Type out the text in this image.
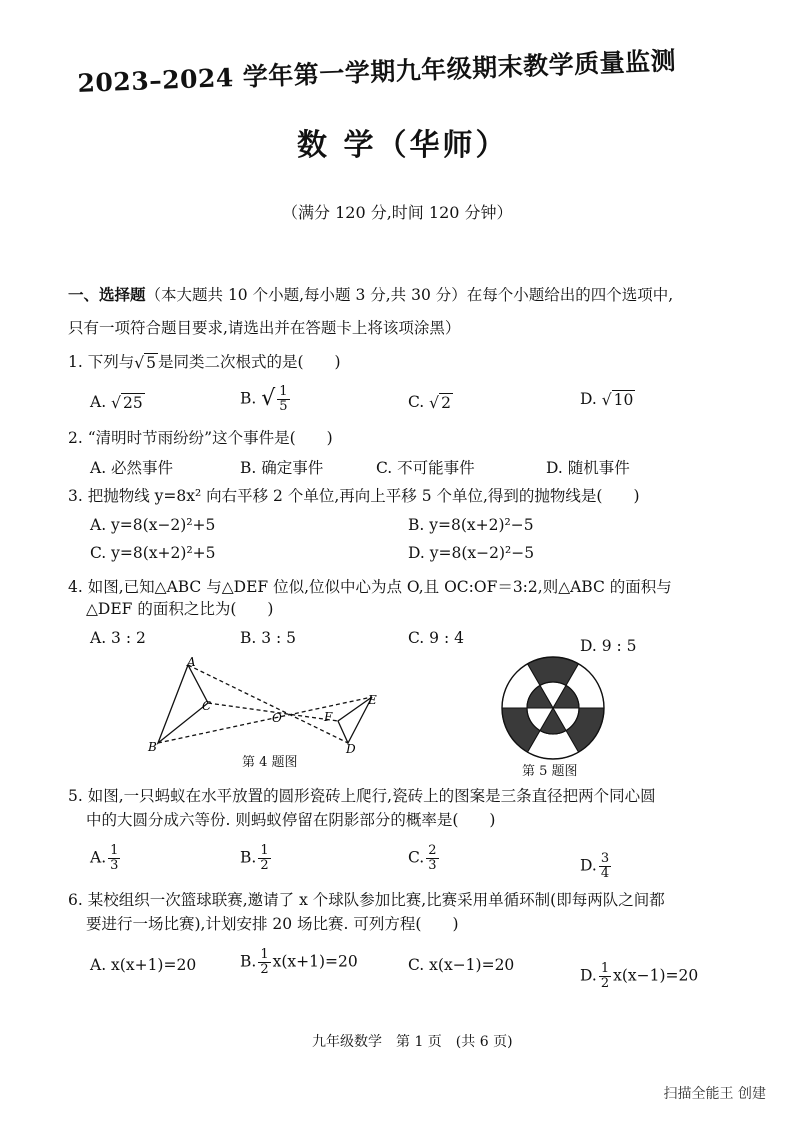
2023–2024 学年第一学期九年级期末教学质量监测
数 学（华师）
（满分 120 分,时间 120 分钟）
一、选择题（本大题共 10 个小题,每小题 3 分,共 30 分）在每个小题给出的四个选项中,
只有一项符合题目要求,请选出并在答题卡上将该项涂黑）
1. 下列与√ 5 是同类二次根式的是(　　)
A. √ 25	B. √ $\frac{1}{5}$	C. √ 2	D. √ 10
2. “清明时节雨纷纷”这个事件是(　　)
A. 必然事件	B. 确定事件	C. 不可能事件	D. 随机事件
3. 把抛物线 y=8x² 向右平移 2 个单位,再向上平移 5 个单位,得到的抛物线是(　　)
A. y=8(x−2)²+5	B. y=8(x+2)²−5
C. y=8(x+2)²+5	D. y=8(x−2)²−5
4. 如图,已知△ABC 与△DEF 位似,位似中心为点 O,且 OC:OF＝3:2,则△ABC 的面积与
△DEF 的面积之比为(　　)
A. 3 : 2	B. 3 : 5	C. 9 : 4	D. 9 : 5
A
B
C
O	F
E
D
第 4 题图
第 5 题图
5. 如图,一只蚂蚁在水平放置的圆形瓷砖上爬行,瓷砖上的图案是三条直径把两个同心圆
中的大圆分成六等份. 则蚂蚁停留在阴影部分的概率是(　　)
A. $\frac{1}{3}$	B. $\frac{1}{2}$	C. $\frac{2}{3}$	D. $\frac{3}{4}$
6. 某校组织一次篮球联赛,邀请了 x 个球队参加比赛,比赛采用单循环制(即每两队之间都
要进行一场比赛),计划安排 20 场比赛. 可列方程(　　)
A. x(x+1)=20	B. $\frac{1}{2} x(x+1)=20$	C. x(x−1)=20
D. $\frac{1}{2} x(x-1)=20$
九年级数学　第 1 页　(共 6 页)
扫描全能王 创建
